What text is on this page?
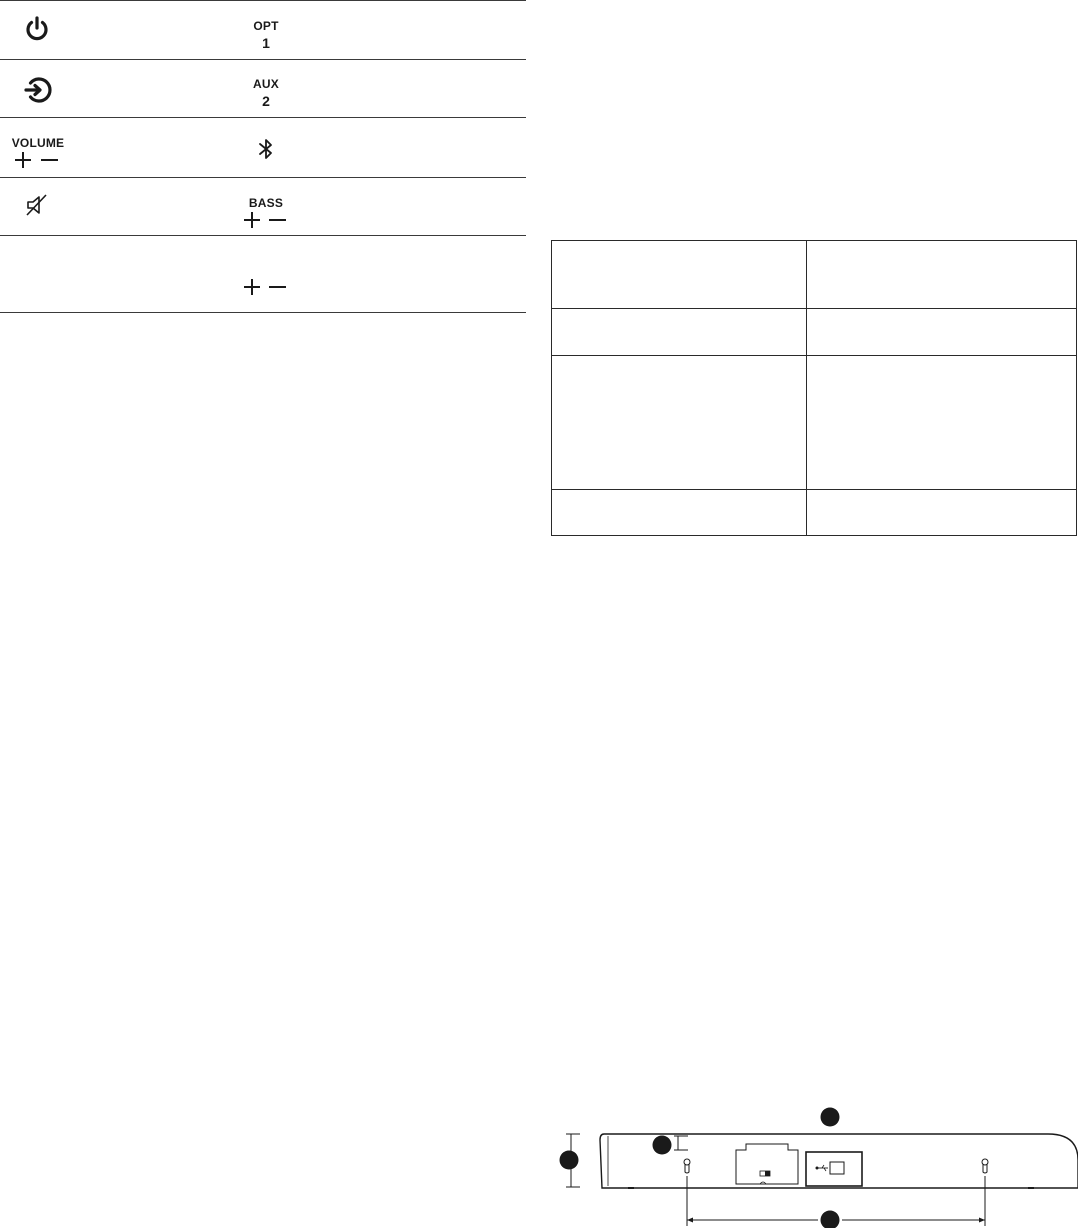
OPT
1
AUX
2
VOLUME
BASS
